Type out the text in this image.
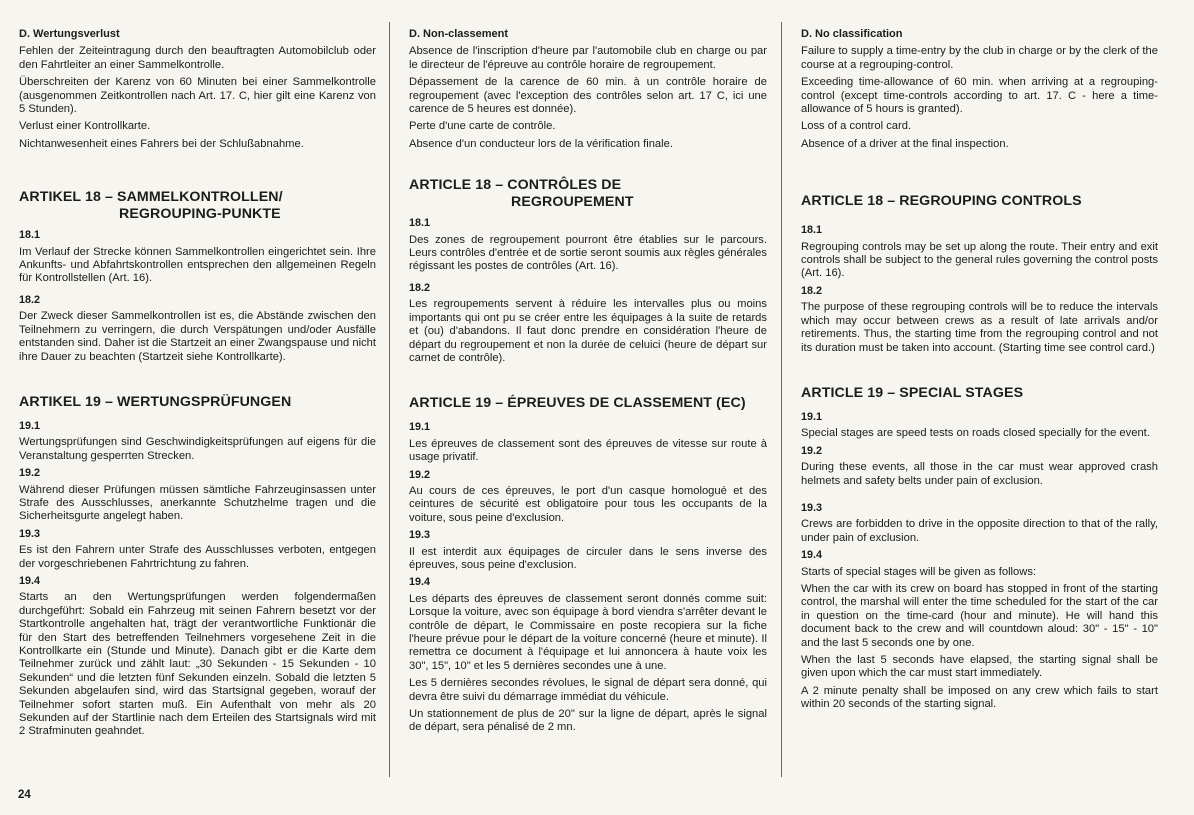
D. Wertungsverlust

Fehlen der Zeiteintragung durch den beauftragten Automobilclub oder den Fahrtleiter an einer Sammelkontrolle.

Überschreiten der Karenz von 60 Minuten bei einer Sammelkontrolle (ausgenommen Zeitkontrollen nach Art. 17. C, hier gilt eine Karenz von 5 Stunden).

Verlust einer Kontrollkarte.

Nichtanwesenheit eines Fahrers bei der Schlußabnahme.

ARTIKEL 18 – SAMMELKONTROLLEN/
REGROUPING-PUNKTE
18.1

Im Verlauf der Strecke können Sammelkontrollen eingerichtet sein. Ihre Ankunfts- und Abfahrtskontrollen entsprechen den allgemeinen Regeln für Kontrollstellen (Art. 16).

18.2

Der Zweck dieser Sammelkontrollen ist es, die Abstände zwischen den Teilnehmern zu verringern, die durch Verspätungen und/oder Ausfälle entstanden sind. Daher ist die Startzeit an einer Zwangspause und nicht ihre Dauer zu beachten (Startzeit siehe Kontrollkarte).

ARTIKEL 19 – WERTUNGSPRÜFUNGEN
19.1

Wertungsprüfungen sind Geschwindigkeitsprüfungen auf eigens für die Veranstaltung gesperrten Strecken.

19.2

Während dieser Prüfungen müssen sämtliche Fahrzeuginsassen unter Strafe des Ausschlusses, anerkannte Schutzhelme tragen und die Sicherheitsgurte angelegt haben.

19.3

Es ist den Fahrern unter Strafe des Ausschlusses verboten, entgegen der vorgeschriebenen Fahrtrichtung zu fahren.

19.4

Starts an den Wertungsprüfungen werden folgendermaßen durchgeführt: Sobald ein Fahrzeug mit seinen Fahrern besetzt vor der Startkontrolle angehalten hat, trägt der verantwortliche Funktionär die für den Start des betreffenden Teilnehmers vorgesehene Zeit in die Kontrollkarte ein (Stunde und Minute). Danach gibt er die Karte dem Teilnehmer zurück und zählt laut: „30 Sekunden - 15 Sekunden - 10 Sekunden“ und die letzten fünf Sekunden einzeln. Sobald die letzten 5 Sekunden abgelaufen sind, wird das Startsignal gegeben, worauf der Teilnehmer sofort starten muß. Ein Aufenthalt von mehr als 20 Sekunden auf der Startlinie nach dem Erteilen des Startsignals wird mit 2 Strafminuten geahndet.

D. Non-classement

Absence de l'inscription d'heure par l'automobile club en charge ou par le directeur de l'épreuve au contrôle horaire de regroupement.

Dépassement de la carence de 60 min. à un contrôle horaire de regroupement (avec l'exception des contrôles selon art. 17 C, ici une carence de 5 heures est donnée).

Perte d'une carte de contrôle.

Absence d'un conducteur lors de la vérification finale.

ARTICLE 18 – CONTRÔLES DE
REGROUPEMENT
18.1

Des zones de regroupement pourront être établies sur le parcours. Leurs contrôles d'entrée et de sortie seront soumis aux règles générales régissant les postes de contrôles (Art. 16).

18.2

Les regroupements servent à réduire les intervalles plus ou moins importants qui ont pu se créer entre les équipages à la suite de retards et (ou) d'abandons. Il faut donc prendre en considération l'heure de départ du regroupement et non la durée de celuici (heure de départ sur carnet de contrôle).

ARTICLE 19 – ÉPREUVES DE CLASSEMENT (EC)
19.1

Les épreuves de classement sont des épreuves de vitesse sur route à usage privatif.

19.2

Au cours de ces épreuves, le port d'un casque homologué et des ceintures de sécurité est obligatoire pour tous les occupants de la voiture, sous peine d'exclusion.

19.3

Il est interdit aux équipages de circuler dans le sens inverse des épreuves, sous peine d'exclusion.

19.4

Les départs des épreuves de classement seront donnés comme suit: Lorsque la voiture, avec son équipage à bord viendra s'arrêter devant le contrôle de départ, le Commissaire en poste recopiera sur la fiche l'heure prévue pour le départ de la voiture concerné (heure et minute). Il remettra ce document à l'équipage et lui annoncera à haute voix les 30", 15", 10" et les 5 dernières secondes une à une.

Les 5 dernières secondes révolues, le signal de départ sera donné, qui devra être suivi du démarrage immédiat du véhicule.

Un stationnement de plus de 20" sur la ligne de départ, après le signal de départ, sera pénalisé de 2 mn.

D. No classification

Failure to supply a time-entry by the club in charge or by the clerk of the course at a regrouping-control.

Exceeding time-allowance of 60 min. when arriving at a regrouping-control (except time-controls according to art. 17. C - here a time-allowance of 5 hours is granted).

Loss of a control card.

Absence of a driver at the final inspection.

ARTICLE 18 – REGROUPING CONTROLS
18.1

Regrouping controls may be set up along the route. Their entry and exit controls shall be subject to the general rules governing the control posts (Art. 16).

18.2

The purpose of these regrouping controls will be to reduce the intervals which may occur between crews as a result of late arrivals and/or retirements. Thus, the starting time from the regrouping control and not its duration must be taken into account. (Starting time see control card.)

ARTICLE 19 – SPECIAL STAGES
19.1

Special stages are speed tests on roads closed specially for the event.

19.2

During these events, all those in the car must wear approved crash helmets and safety belts under pain of exclusion.

19.3

Crews are forbidden to drive in the opposite direction to that of the rally, under pain of exclusion.

19.4

Starts of special stages will be given as follows:

When the car with its crew on board has stopped in front of the starting control, the marshal will enter the time scheduled for the start of the car in question on the time-card (hour and minute). He will hand this document back to the crew and will countdown aloud: 30" - 15" - 10" and the last 5 seconds one by one.

When the last 5 seconds have elapsed, the starting signal shall be given upon which the car must start immediately.

A 2 minute penalty shall be imposed on any crew which fails to start within 20 seconds of the starting signal.

24
